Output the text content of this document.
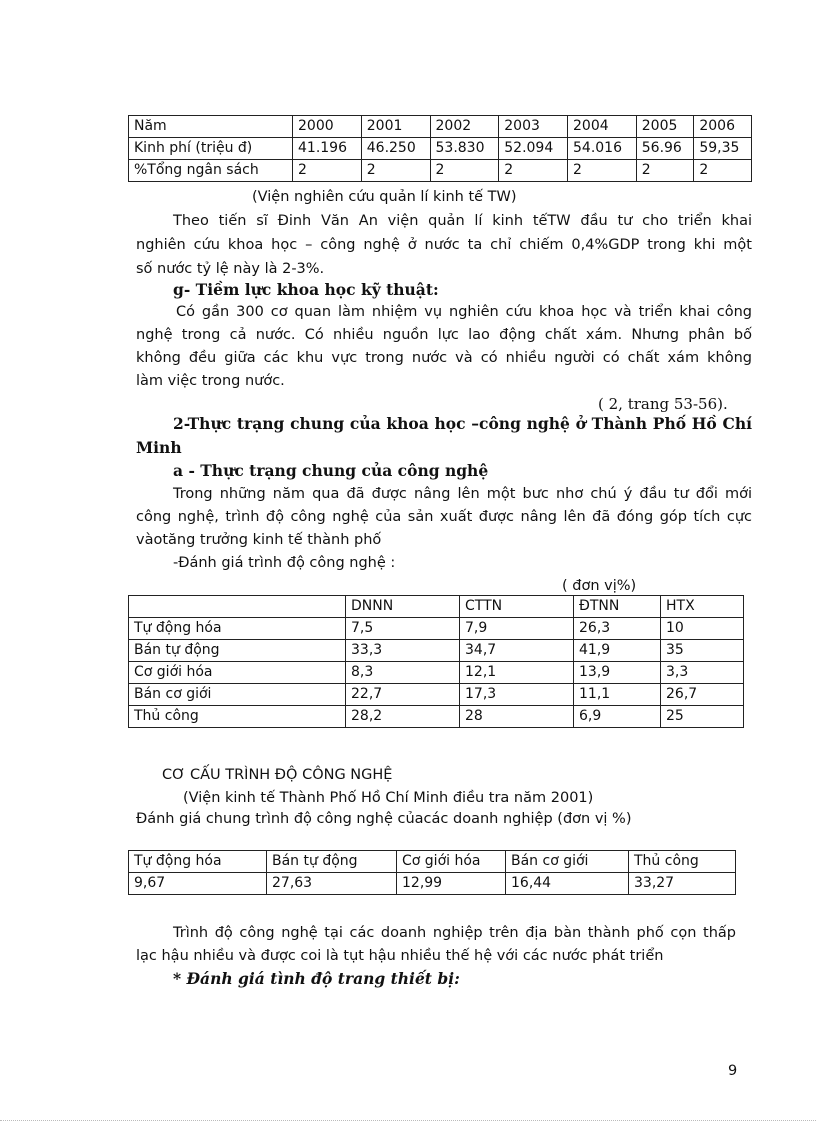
Năm	2000	2001	2002	2003	2004	2005	2006
Kinh phí (triệu đ)	41.196	46.250	53.830	52.094	54.016	56.96	59,35
%Tổng ngân sách	2	2	2	2	2	2	2
(Viện nghiên cứu quản lí kinh tế TW)
Theo tiến sĩ Đinh Văn An viện quản lí kinh tếTW đầu tư cho triển khai
nghiên cứu khoa học – công nghệ ở nước ta chỉ chiếm 0,4%GDP trong khi một
số nước tỷ lệ này là 2-3%.
g- Tiềm lực khoa học kỹ thuật:
Có gần 300 cơ quan làm nhiệm vụ nghiên cứu khoa học và triển khai công
nghệ trong cả nước. Có nhiều nguồn lực lao động chất xám. Nhưng phân bố
không đều giữa các khu vực trong nước và có nhiều người có chất xám không
làm việc trong nước.
( 2, trang 53-56).
2-Thực trạng chung của khoa học –công nghệ ở Thành Phố Hồ Chí
Minh
a - Thực trạng chung của công nghệ
Trong những năm qua đã được nâng lên một bưc nhơ chú ý đầu tư đổi mới
công nghệ, trình độ công nghệ của sản xuất được nâng lên đã đóng góp tích cực
vàotăng trưởng kinh tế thành phố
-Đánh giá trình độ công nghệ :
( đơn vị%)
	DNNN	CTTN	ĐTNN	HTX
Tự động hóa	7,5	7,9	26,3	10
Bán tự động	33,3	34,7	41,9	35
Cơ giới hóa	8,3	12,1	13,9	3,3
Bán cơ giới	22,7	17,3	11,1	26,7
Thủ công	28,2	28	6,9	25
CƠ CẤU TRÌNH ĐỘ CÔNG NGHỆ
(Viện kinh tế Thành Phố Hồ Chí Minh điều tra năm 2001)
Đánh giá chung trình độ công nghệ củacác doanh nghiệp (đơn vị %)
Tự động hóa	Bán tự động	Cơ giới hóa	Bán cơ giới	Thủ công
9,67	27,63	12,99	16,44	33,27
Trình độ công nghệ tại các doanh nghiệp trên địa bàn thành phố cọn thấp
lạc hậu nhiều và được coi là tụt hậu nhiều thế hệ với các nước phát triển
* Đánh giá tình độ trang thiết bị:
9
